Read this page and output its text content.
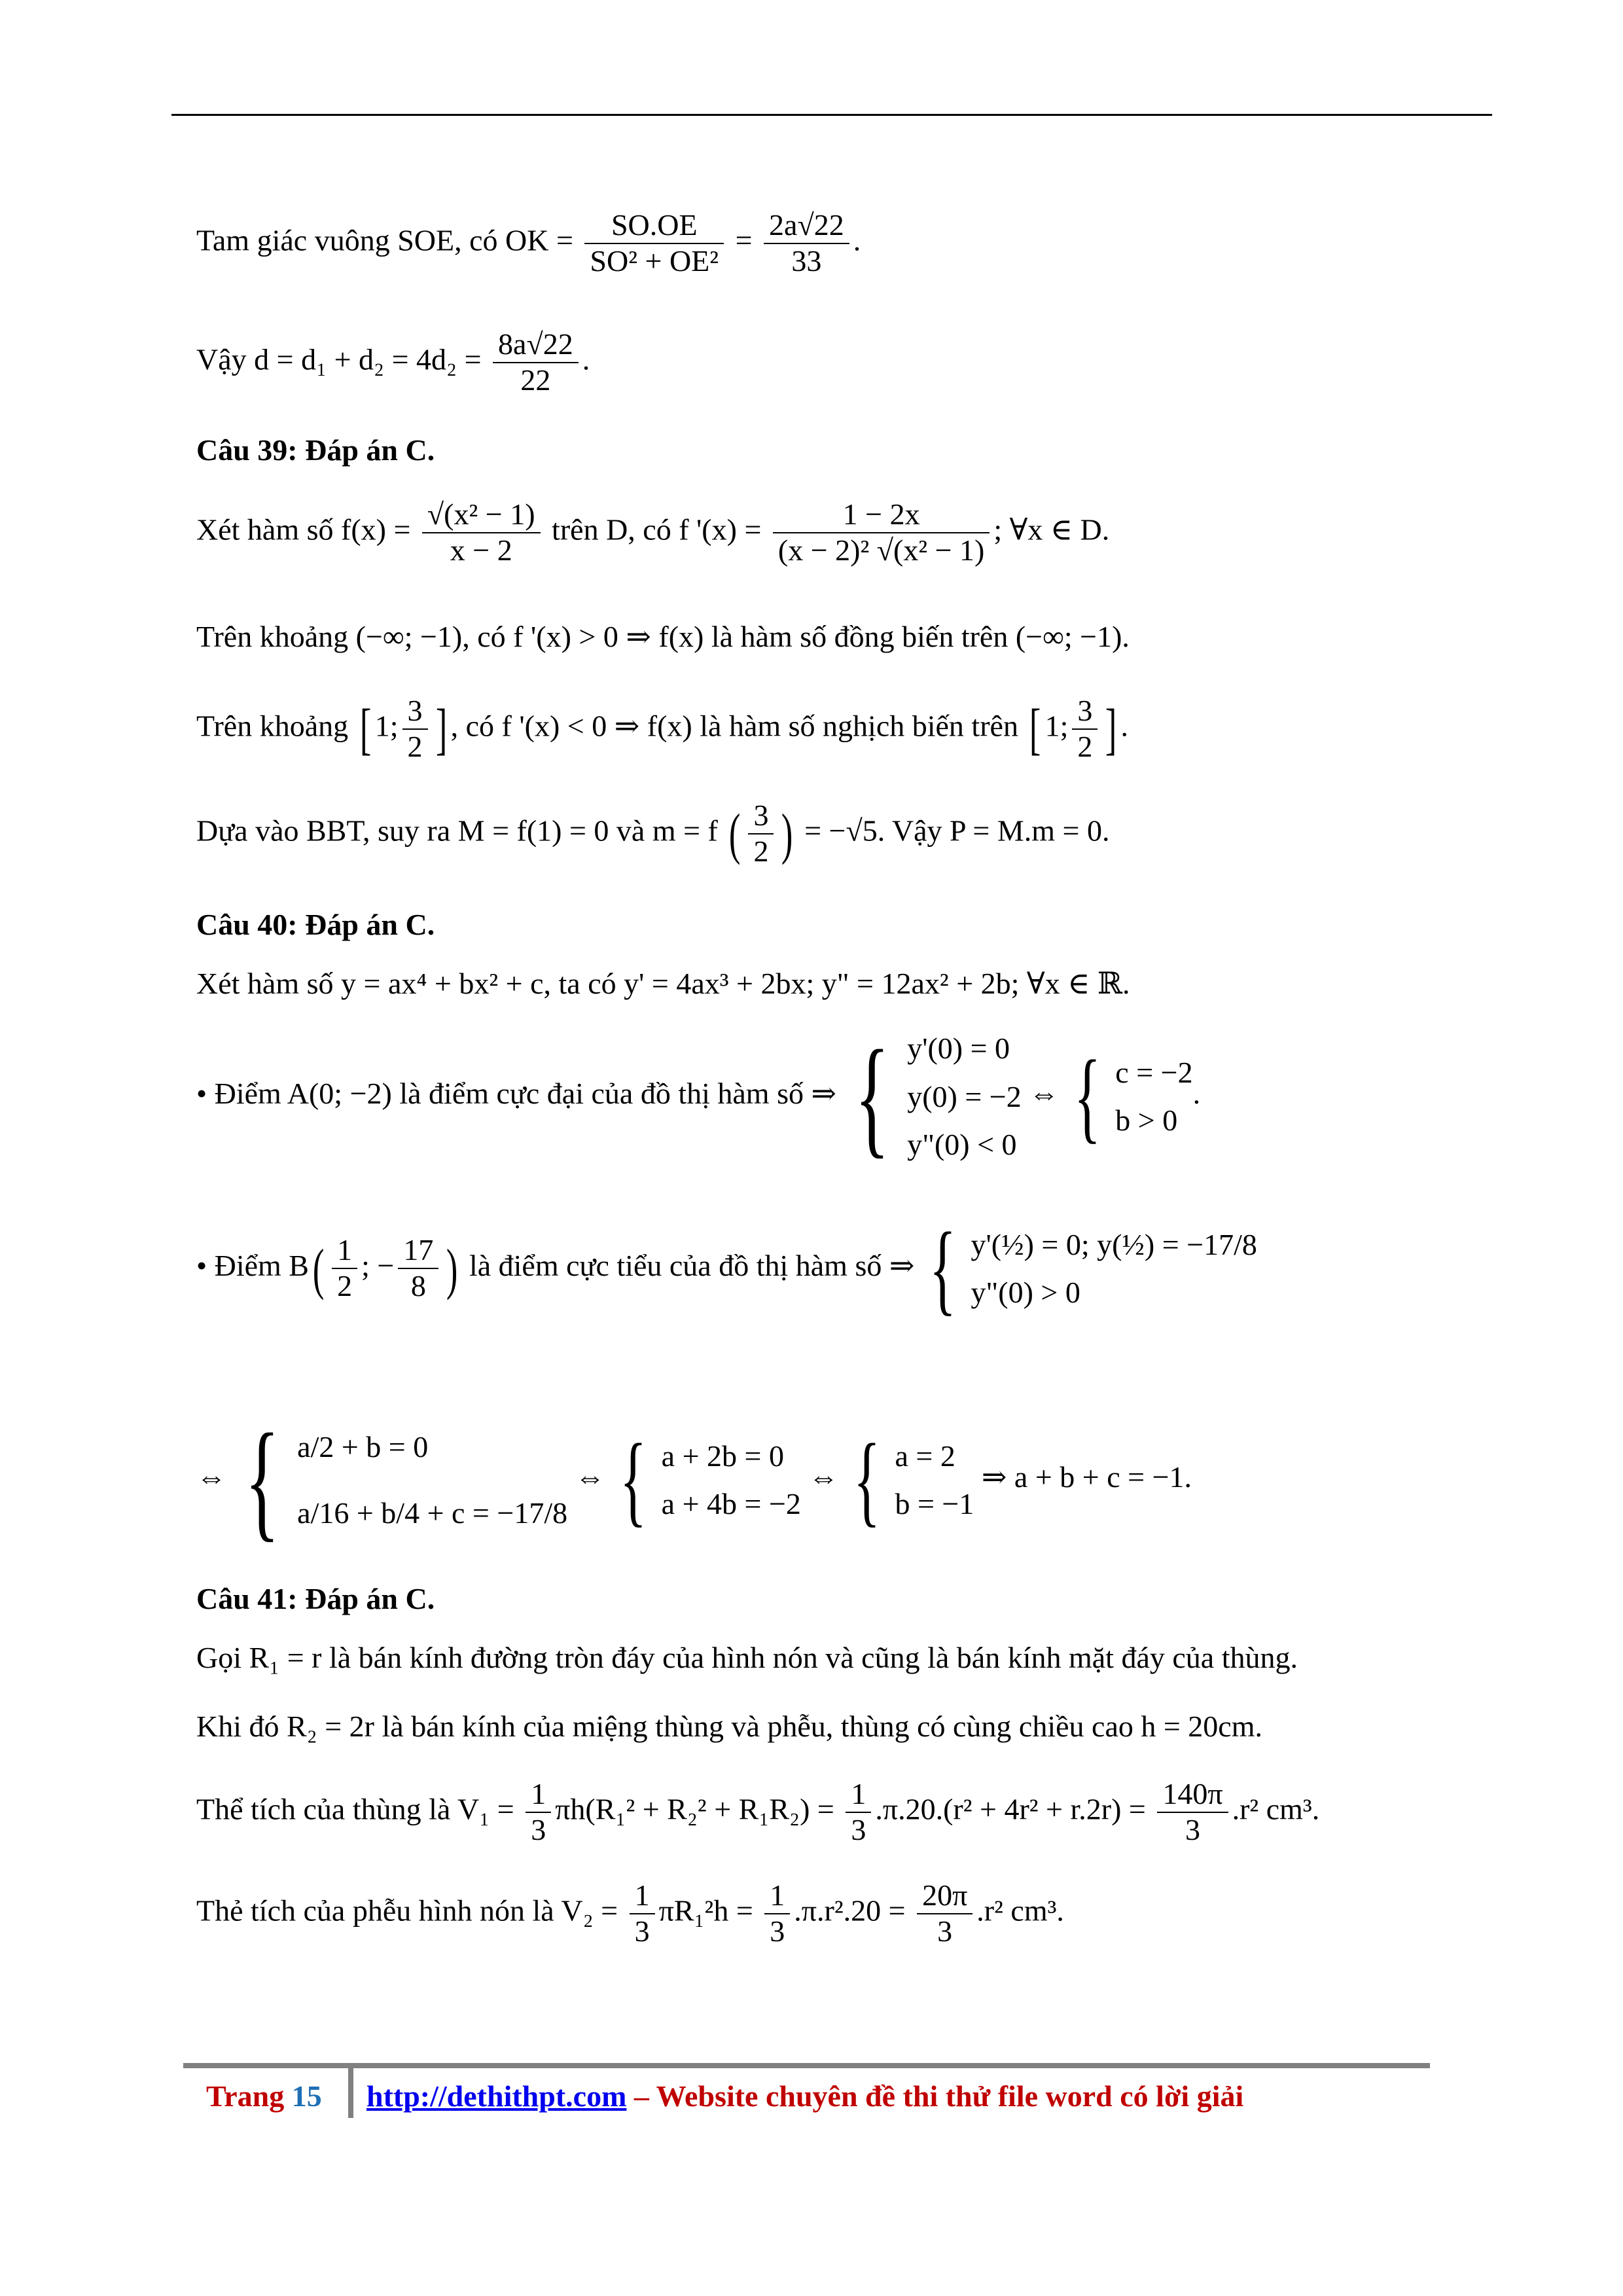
Tam giác vuông SOE, có OK = $\frac{SO.OE}{\text{SO² + OE²}} = \frac{2a√22}{33}$ .
Vậy $d = d_1 + d_2 = 4d_2 = \frac{8a√22}{22}$ .
Câu 39: Đáp án C.
Xét hàm số $f(x) = \frac{\text{√(x² − 1)}}{x - 2}$ trên D, có f '$(x) = \frac{1 - 2x}{\text{(x − 2)² √(x² − 1)}}$ ; ∀x ∈ D.
Trên khoảng (−∞; −1), có f '(x) > 0 ⇒ f(x) là hàm số đồng biến trên (−∞; −1).
Trên khoảng [ 1; $\frac{3}{2}$ ] , có f '(x) < 0 ⇒ f(x) là hàm số nghịch biến trên [ 1; $\frac{3}{2}$ ] .
Dựa vào BBT, suy ra M = f(1) = 0 và m = f ( $\frac{3}{2}$ ) = −√5. Vậy P = M.m = 0.
Câu 40: Đáp án C.
Xét hàm số y = ax⁴ + bx² + c, ta có y' = 4ax³ + 2bx; y" = 12ax² + 2b; ∀x ∈ ℝ.
• Điểm A(0; −2) là điểm cực đại của đồ thị hàm số ⇒ { y'(0) = 0
y(0) = −2
y"(0) < 0
⇔ { c = −2
b > 0
.
• Điểm $B( \frac{1}{2}$ ; − $\frac{17}{8}$ ) là điểm cực tiểu của đồ thị hàm số ⇒ { y'(½) = 0; y(½) = −17/8
y"(0) > 0
⇔ { a/2 + b = 0
a/16 + b/4 + c = −17/8
⇔ { a + 2b = 0
a + 4b = −2
⇔ { a = 2
b = −1
⇒ a + b + c = −1.
Câu 41: Đáp án C.
Gọi R₁ = r là bán kính đường tròn đáy của hình nón và cũng là bán kính mặt đáy của thùng.
Khi đó R₂ = 2r là bán kính của miệng thùng và phễu, thùng có cùng chiều cao h = 20cm.
Thể tích của thùng là $V_1 = \frac{1}{3} \pi h(R_1^2 + R_2^2 + R_1R_2) = \frac{1}{3} .\pi.20.(r^2 + 4r^2 + r.2r) = \frac{140\pi}{3} .r^2$ cm³.
Thẻ tích của phễu hình nón là $V_2 = \frac{1}{3} \pi R_1^2h = \frac{1}{3} .\pi.r^2.20 = \frac{20\pi}{3} .r^2$ cm³.
Trang 15 http://dethithpt.com – Website chuyên đề thi thử file word có lời giải
